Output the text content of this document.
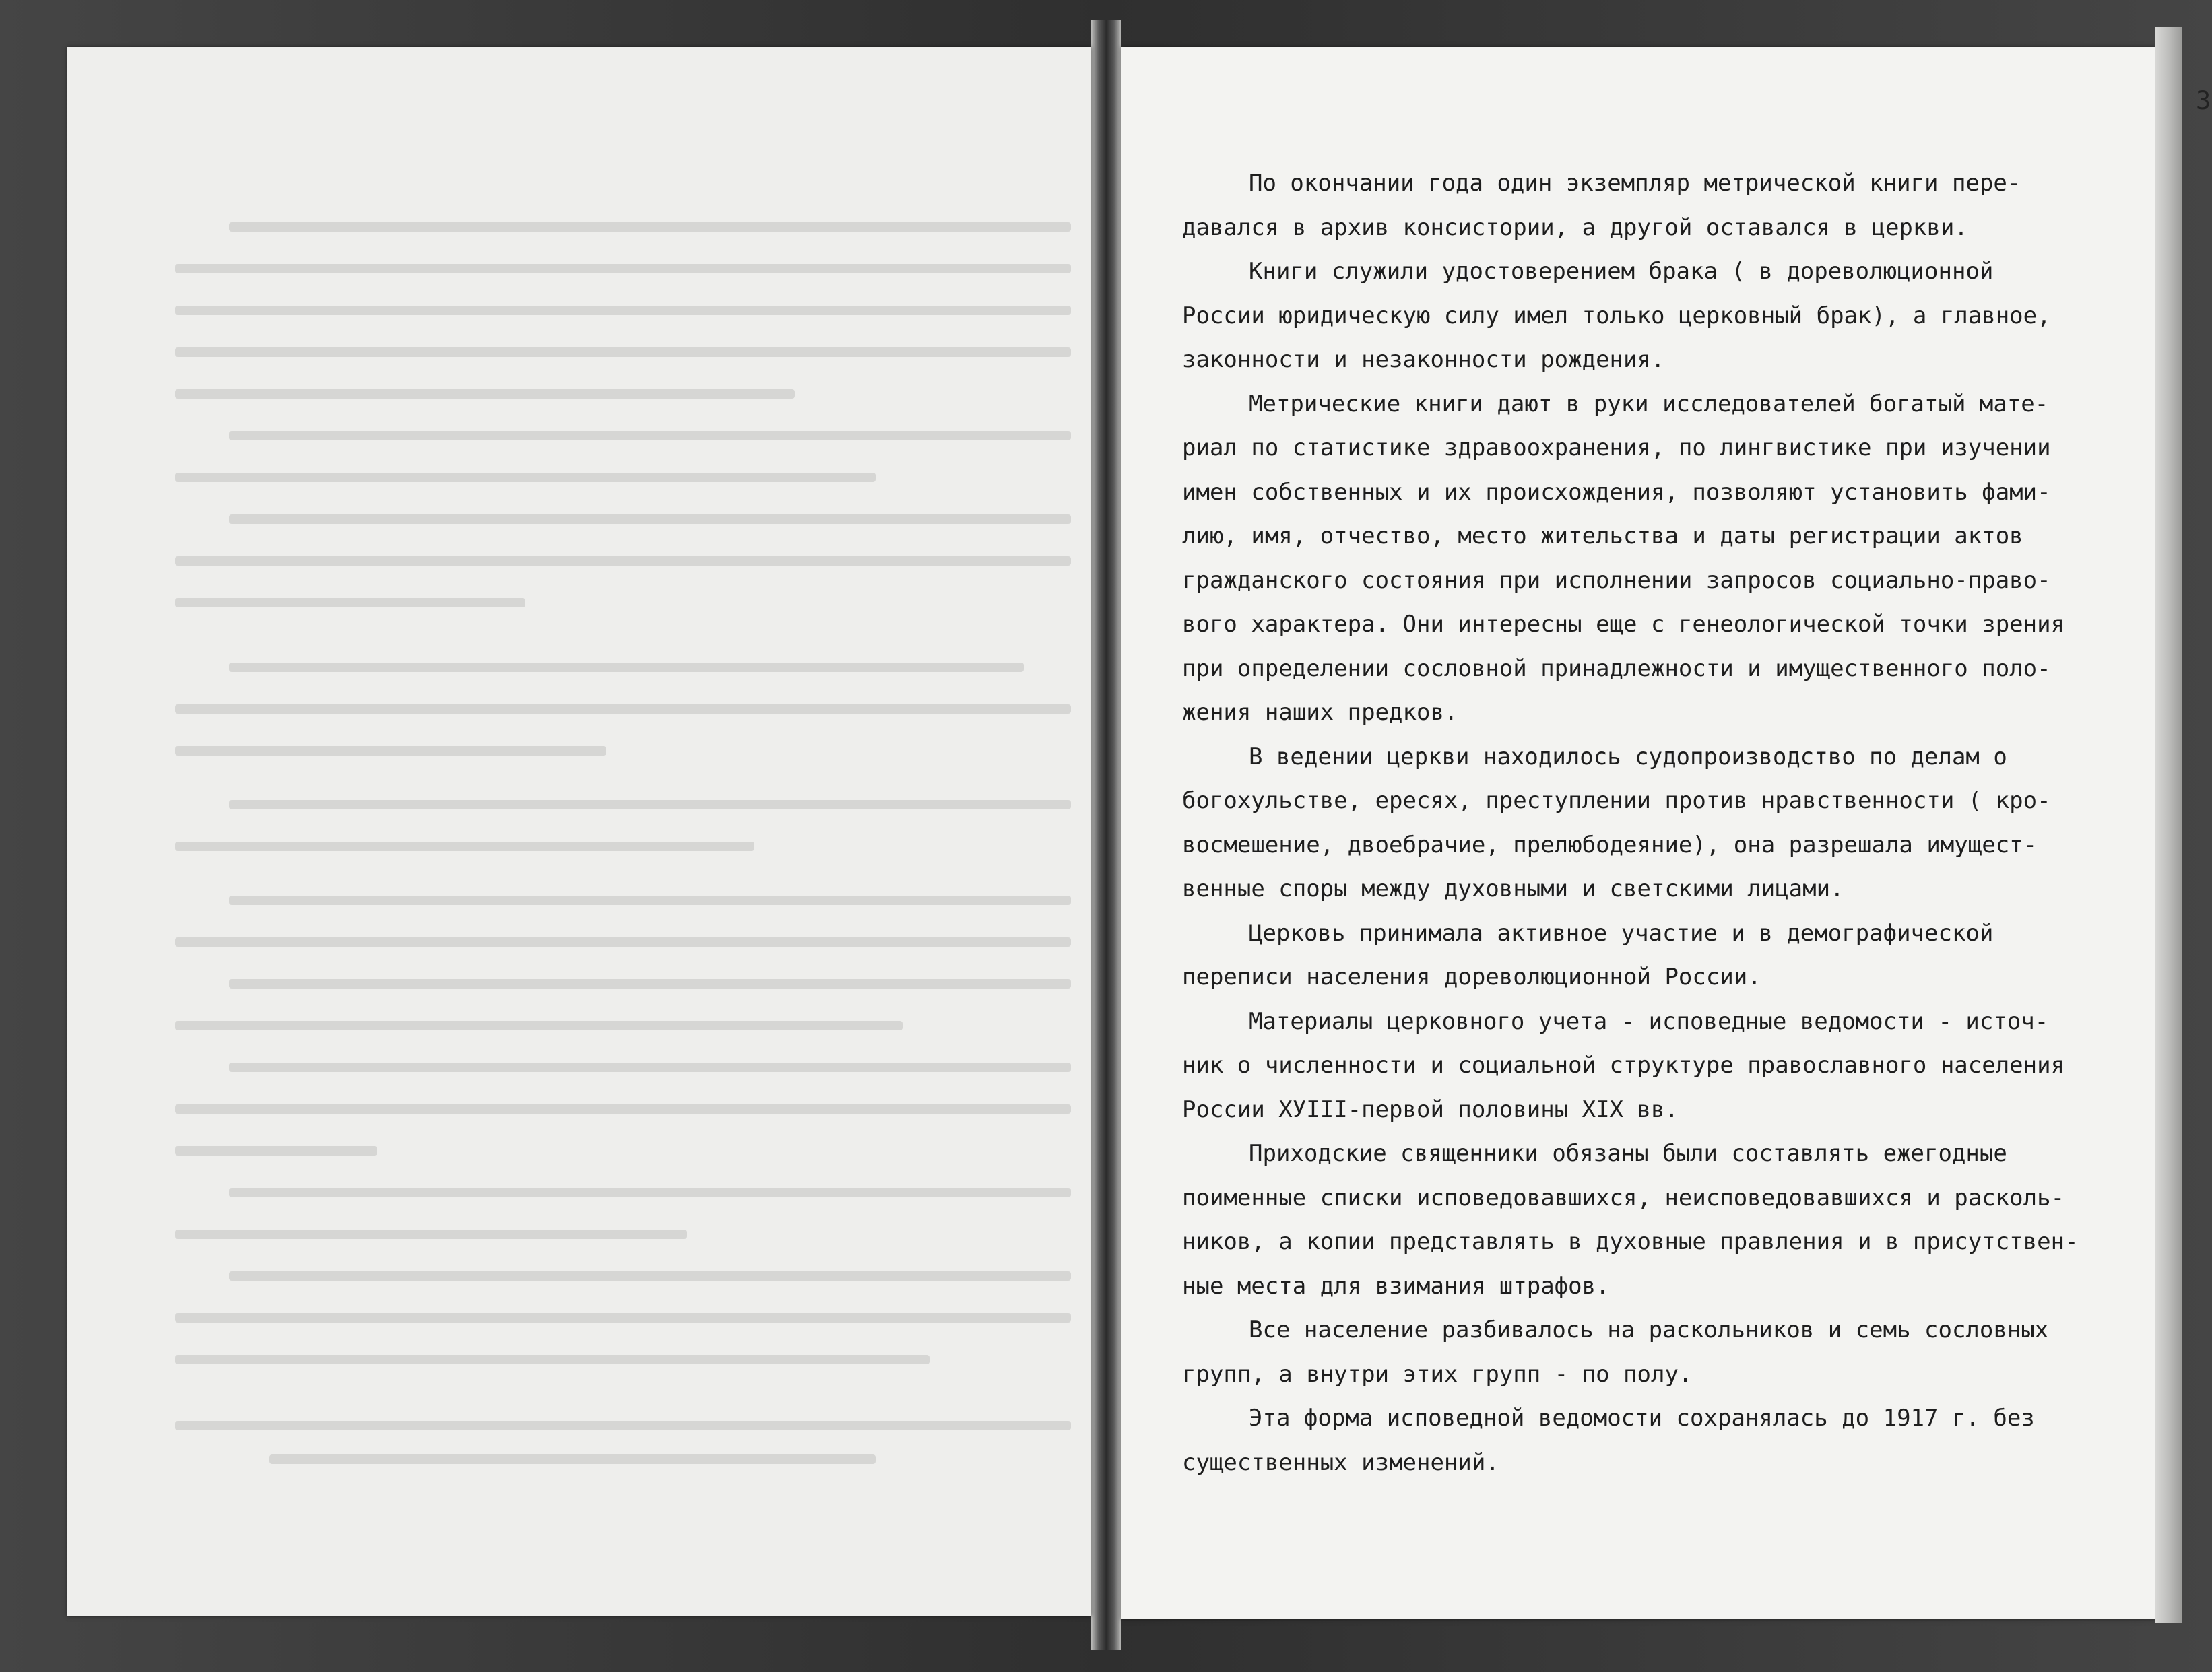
3

По окончании года один экземпляр метрической книги пере-
давался в архив консистории, а другой оставался в церкви.

Книги служили удостоверением брака ( в дореволюционной
России юридическую силу имел только церковный брак), а главное,
законности и незаконности рождения.

Метрические книги дают в руки исследователей богатый мате-
риал по статистике здравоохранения, по лингвистике при изучении
имен собственных и их происхождения, позволяют установить фами-
лию, имя, отчество, место жительства и даты регистрации актов
гражданского состояния при исполнении запросов социально-право-
вого характера. Они интересны еще с генеологической точки зрения
при определении сословной принадлежности и имущественного поло-
жения наших предков.

В ведении церкви находилось судопроизводство по делам о
богохульстве, ересях, преступлении против нравственности ( кро-
восмешение, двоебрачие, прелюбодеяние), она разрешала имущест-
венные споры между духовными и светскими лицами.

Церковь принимала активное участие и в демографической
переписи населения дореволюционной России.

Материалы церковного учета - исповедные ведомости - источ-
ник о численности и социальной структуре православного населения
России ХУIII-первой половины XIX вв.

Приходские священники обязаны были составлять ежегодные
поименные списки исповедовавшихся, неисповедовавшихся и расколь-
ников, а копии представлять в духовные правления и в присутствен-
ные места для взимания штрафов.

Все население разбивалось на раскольников и семь сословных
групп, а внутри этих групп - по полу.

Эта форма исповедной ведомости сохранялась до 1917 г. без
существенных изменений.
